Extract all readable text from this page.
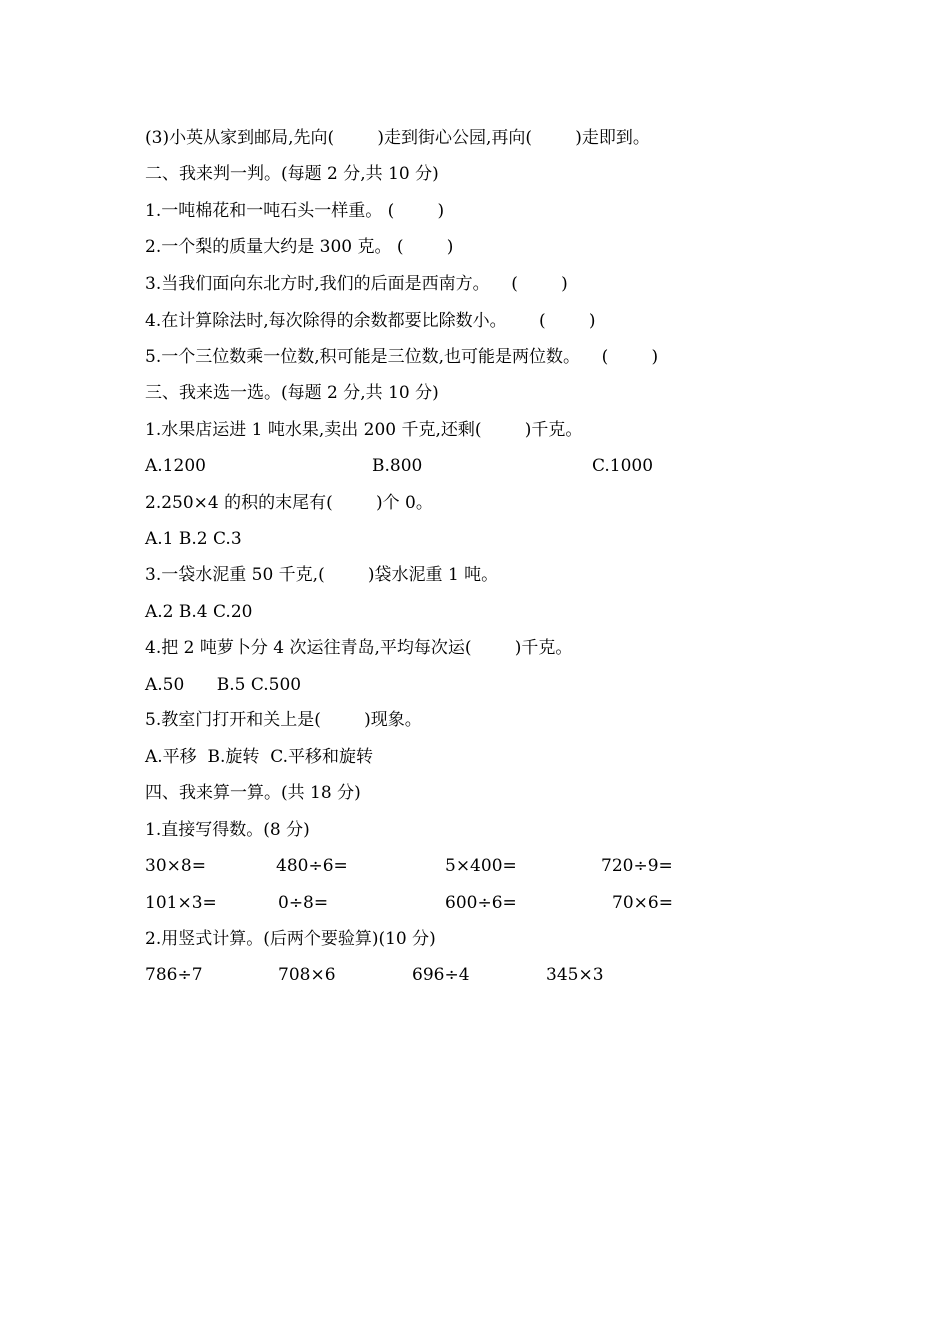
(3)小英从家到邮局,先向(        )走到街心公园,再向(        )走即到。
二、我来判一判。(每题 2 分,共 10 分)
1.一吨棉花和一吨石头一样重。 (        )
2.一个梨的质量大约是 300 克。 (        )
3.当我们面向东北方时,我们的后面是西南方。    (        )
4.在计算除法时,每次除得的余数都要比除数小。      (        )
5.一个三位数乘一位数,积可能是三位数,也可能是两位数。    (        )
三、我来选一选。(每题 2 分,共 10 分)
1.水果店运进 1 吨水果,卖出 200 千克,还剩(        )千克。
A.1200	B.800	C.1000
2.250×4 的积的末尾有(        )个 0。
A.1 B.2 C.3
3.一袋水泥重 50 千克,(        )袋水泥重 1 吨。
A.2 B.4 C.20
4.把 2 吨萝卜分 4 次运往青岛,平均每次运(        )千克。
A.50      B.5 C.500
5.教室门打开和关上是(        )现象。
A.平移  B.旋转  C.平移和旋转
四、我来算一算。(共 18 分)
1.直接写得数。(8 分)
30×8=	480÷6=	5×400=	720÷9=
101×3=	0÷8=	600÷6=	70×6=
2.用竖式计算。(后两个要验算)(10 分)
786÷7	708×6	696÷4	345×3
